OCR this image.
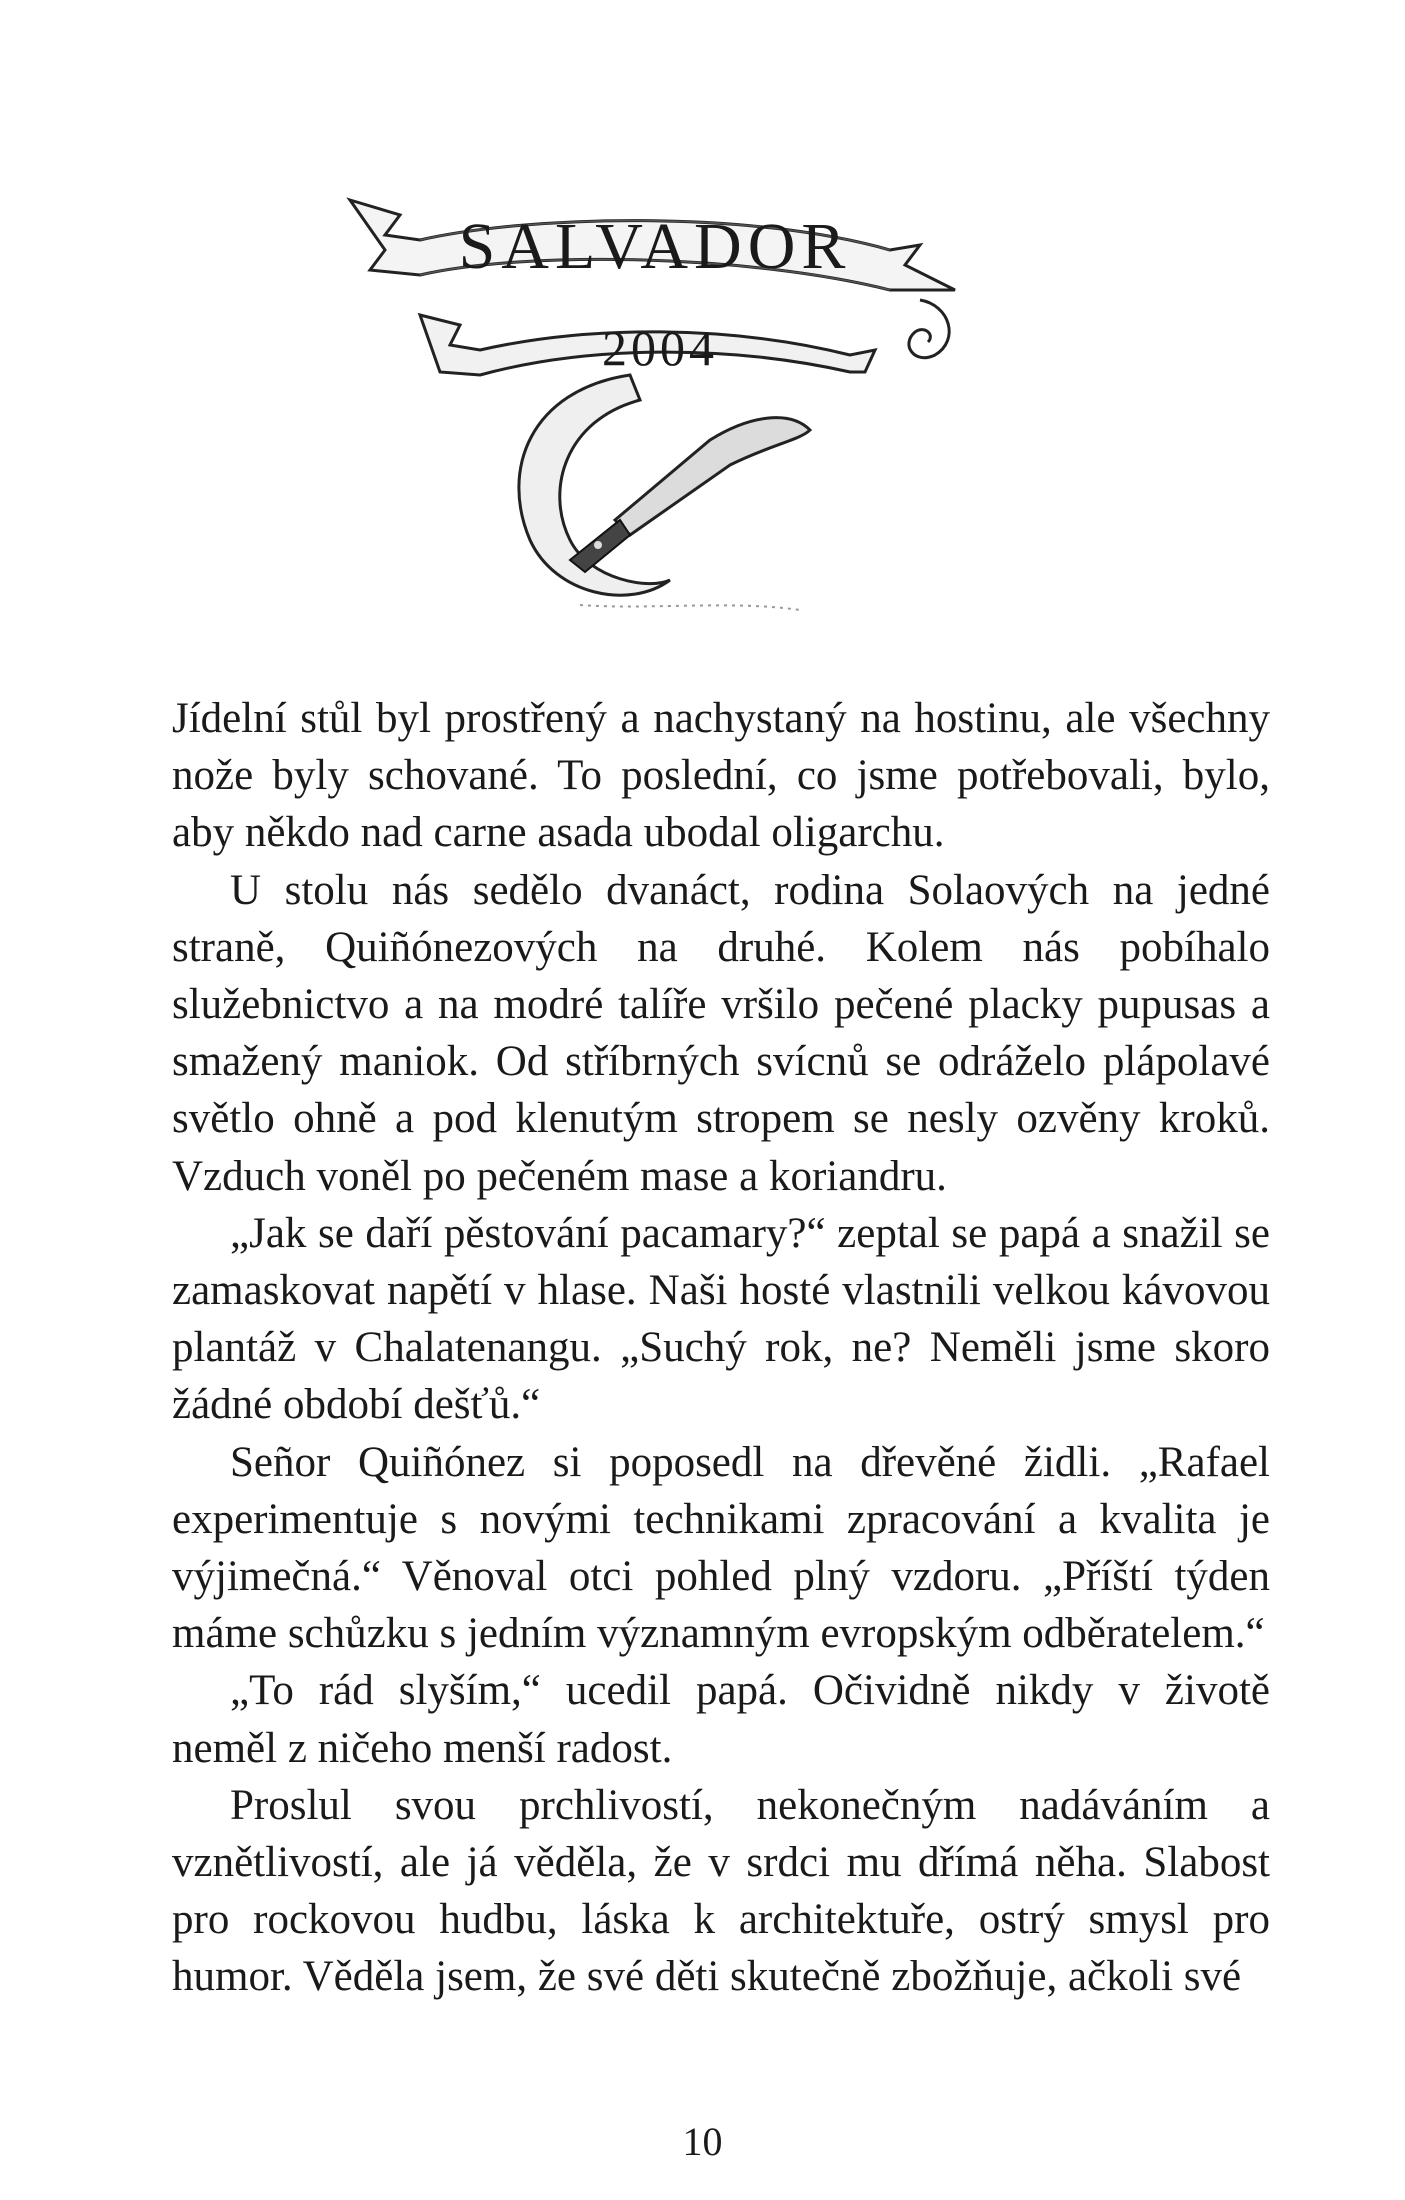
SALVADOR
2004

Jídelní stůl byl prostřený a nachystaný na hostinu, ale všechny nože byly schované. To poslední, co jsme potřebovali, bylo, aby někdo nad carne asada ubodal oligarchu.

U stolu nás sedělo dvanáct, rodina Solaových na jedné straně, Quiñónezových na druhé. Kolem nás pobíhalo služebnictvo a na modré talíře vršilo pečené placky pupusas a smažený maniok. Od stříbrných svícnů se odráželo plápolavé světlo ohně a pod klenutým stropem se nesly ozvěny kroků. Vzduch voněl po pečeném mase a koriandru.

„Jak se daří pěstování pacamary?“ zeptal se papá a snažil se zamaskovat napětí v hlase. Naši hosté vlastnili velkou kávovou plantáž v Chalatenangu. „Suchý rok, ne? Neměli jsme skoro žádné období dešťů.“

Señor Quiñónez si poposedl na dřevěné židli. „Rafael experimentuje s novými technikami zpracování a kvalita je výjimečná.“ Věnoval otci pohled plný vzdoru. „Příští týden máme schůzku s jedním významným evropským odběratelem.“

„To rád slyším,“ ucedil papá. Očividně nikdy v životě neměl z ničeho menší radost.

Proslul svou prchlivostí, nekonečným nadáváním a vznětlivostí, ale já věděla, že v srdci mu dřímá něha. Slabost pro rockovou hudbu, láska k architektuře, ostrý smysl pro humor. Věděla jsem, že své děti skutečně zbožňuje, ačkoli své

10
